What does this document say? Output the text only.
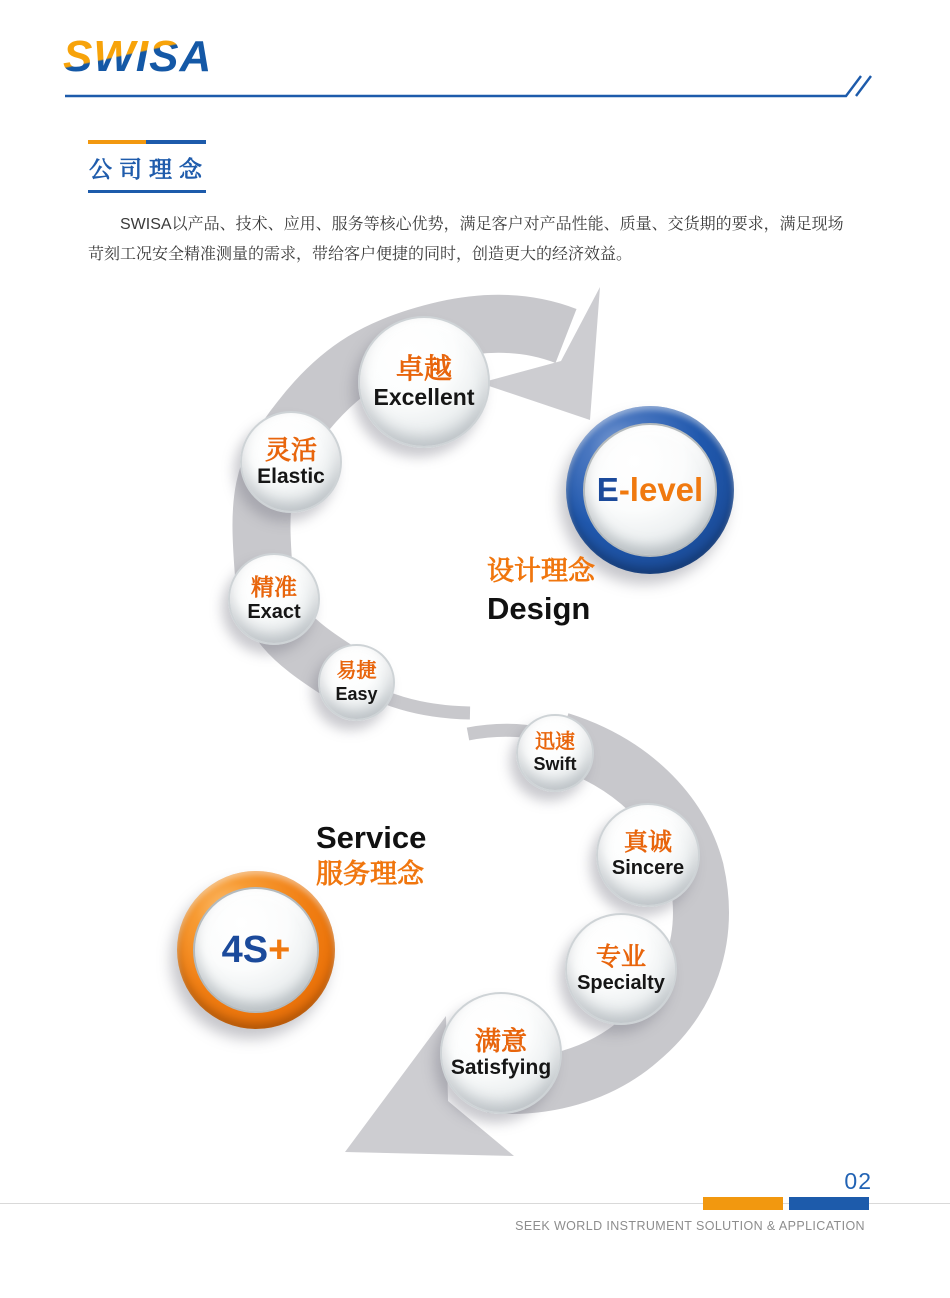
SWISA
公司理念
SWISA以产品、技术、应用、服务等核心优势，满足客户对产品性能、质量、交货期的要求，满足现场
苛刻工况安全精准测量的需求，带给客户便捷的同时，创造更大的经济效益。
卓越
Excellent
灵活
Elastic
精准
Exact
易捷
Easy
迅速
Swift
真诚
Sincere
专业
Specialty
满意
Satisfying
E-level
4S+
设计理念
Design
Service
服务理念
02
SEEK WORLD INSTRUMENT SOLUTION & APPLICATION
